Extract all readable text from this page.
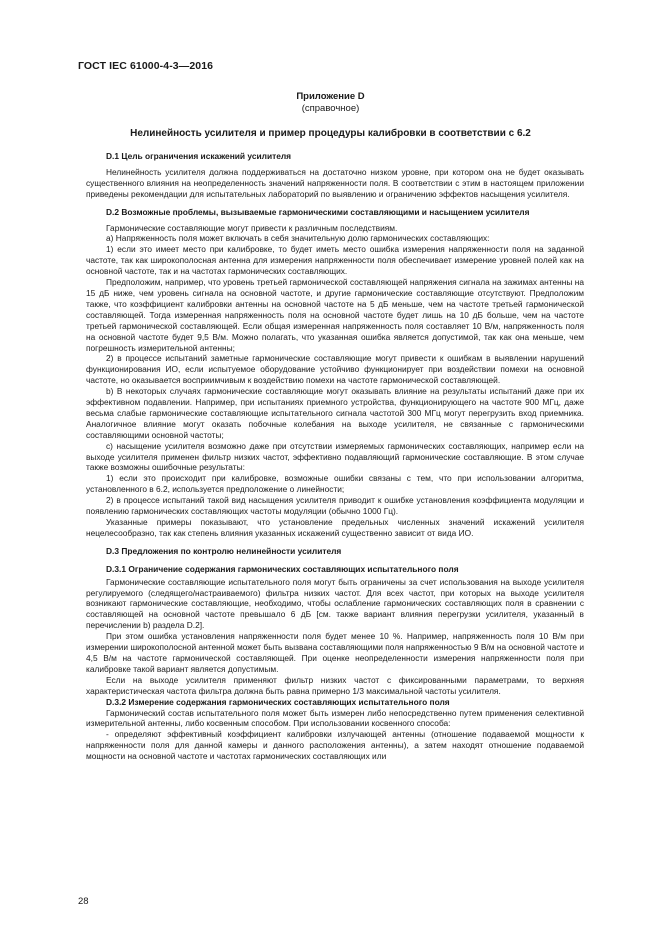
ГОСТ IEC 61000-4-3—2016
Приложение D
(справочное)
Нелинейность усилителя и пример процедуры калибровки в соответствии с 6.2
D.1 Цель ограничения искажений усилителя

Нелинейность усилителя должна поддерживаться на достаточно низком уровне, при котором она не будет оказывать существенного влияния на неопределенность значений напряженности поля. В соответствии с этим в настоящем приложении приведены рекомендации для испытательных лабораторий по выявлению и ограничению эффектов насыщения усилителя.

D.2 Возможные проблемы, вызываемые гармоническими составляющими и насыщением усилителя

Гармонические составляющие могут привести к различным последствиям.

а) Напряженность поля может включать в себя значительную долю гармонических составляющих:

1) если это имеет место при калибровке, то будет иметь место ошибка измерения напряженности поля на заданной частоте, так как широкополосная антенна для измерения напряженности поля обеспечивает измерение уровней полей как на основной частоте, так и на частотах гармонических составляющих.

Предположим, например, что уровень третьей гармонической составляющей напряжения сигнала на зажимах антенны на 15 дБ ниже, чем уровень сигнала на основной частоте, и другие гармонические составляющие отсутствуют. Предположим также, что коэффициент калибровки антенны на основной частоте на 5 дБ меньше, чем на частоте третьей гармонической составляющей. Тогда измеренная напряженность поля на основной частоте будет лишь на 10 дБ больше, чем на частоте третьей гармонической составляющей. Если общая измеренная напряженность поля составляет 10 В/м, напряженность поля на основной частоте будет 9,5 В/м. Можно полагать, что указанная ошибка является допустимой, так как она меньше, чем погрешность измерительной антенны;

2) в процессе испытаний заметные гармонические составляющие могут привести к ошибкам в выявлении нарушений функционирования ИО, если испытуемое оборудование устойчиво функционирует при воздействии помехи на основной частоте, но оказывается восприимчивым к воздействию помехи на частоте гармонической составляющей.

b) В некоторых случаях гармонические составляющие могут оказывать влияние на результаты испытаний даже при их эффективном подавлении. Например, при испытаниях приемного устройства, функционирующего на частоте 900 МГц, даже весьма слабые гармонические составляющие испытательного сигнала частотой 300 МГц могут перегрузить вход приемника. Аналогичное влияние могут оказать побочные колебания на выходе усилителя, не связанные с гармоническими составляющими основной частоты;

c) насыщение усилителя возможно даже при отсутствии измеряемых гармонических составляющих, например если на выходе усилителя применен фильтр низких частот, эффективно подавляющий гармонические составляющие. В этом случае также возможны ошибочные результаты:

1) если это происходит при калибровке, возможные ошибки связаны с тем, что при использовании алгоритма, установленного в 6.2, используется предположение о линейности;

2) в процессе испытаний такой вид насыщения усилителя приводит к ошибке установления коэффициента модуляции и появлению гармонических составляющих частоты модуляции (обычно 1000 Гц).

Указанные примеры показывают, что установление предельных численных значений искажений усилителя нецелесообразно, так как степень влияния указанных искажений существенно зависит от вида ИО.

D.3 Предложения по контролю нелинейности усилителя
D.3.1 Ограничение содержания гармонических составляющих испытательного поля

Гармонические составляющие испытательного поля могут быть ограничены за счет использования на выходе усилителя регулируемого (следящего/настраиваемого) фильтра низких частот. Для всех частот, при которых на выходе усилителя возникают гармонические составляющие, необходимо, чтобы ослабление гармонических составляющих поля в сравнении с составляющей на основной частоте превышало 6 дБ [см. также вариант влияния перегрузки усилителя, указанный в перечислении b) раздела D.2].

При этом ошибка установления напряженности поля будет менее 10 %. Например, напряженность поля 10 В/м при измерении широкополосной антенной может быть вызвана составляющими поля напряженностью 9 В/м на основной частоте и 4,5 В/м на частоте гармонической составляющей. При оценке неопределенности измерения напряженности поля при калибровке такой вариант является допустимым.

Если на выходе усилителя применяют фильтр низких частот с фиксированными параметрами, то верхняя характеристическая частота фильтра должна быть равна примерно 1/3 максимальной частоты усилителя.

D.3.2 Измерение содержания гармонических составляющих испытательного поля

Гармонический состав испытательного поля может быть измерен либо непосредственно путем применения селективной измерительной антенны, либо косвенным способом. При использовании косвенного способа:

- определяют эффективный коэффициент калибровки излучающей антенны (отношение подаваемой мощности к напряженности поля для данной камеры и данного расположения антенны), а затем находят отношение подаваемой мощности на основной частоте и частотах гармонических составляющих или

28
